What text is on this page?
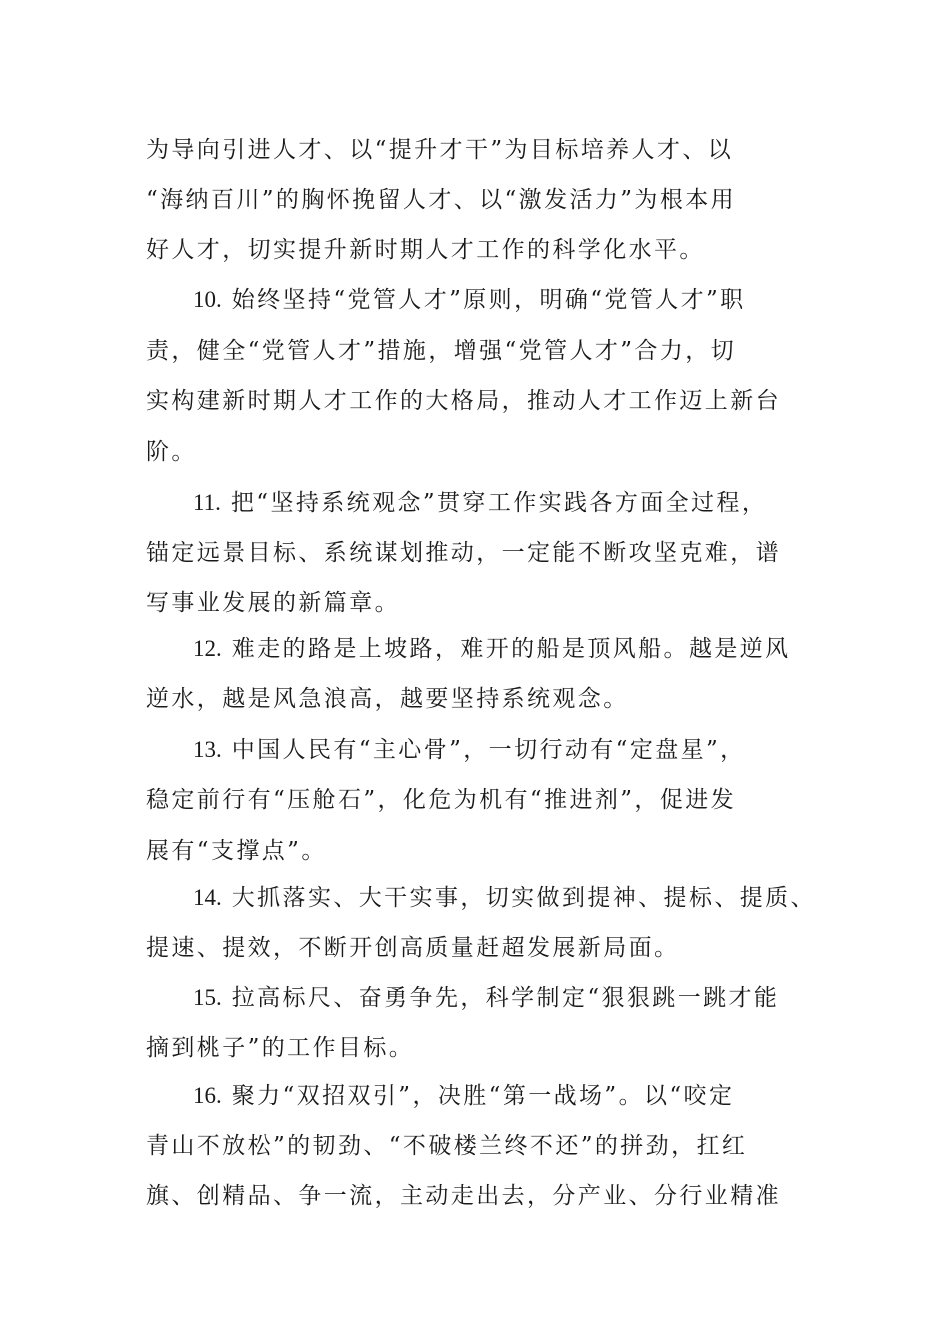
为导向引进人才、以“提升才干”为目标培养人才、以
“海纳百川”的胸怀挽留人才、以“激发活力”为根本用
好人才，切实提升新时期人才工作的科学化水平。
10. 始终坚持“党管人才”原则，明确“党管人才”职
责，健全“党管人才”措施，增强“党管人才”合力，切
实构建新时期人才工作的大格局，推动人才工作迈上新台
阶。
11. 把“坚持系统观念”贯穿工作实践各方面全过程，
锚定远景目标、系统谋划推动，一定能不断攻坚克难，谱
写事业发展的新篇章。
12. 难走的路是上坡路，难开的船是顶风船。越是逆风
逆水，越是风急浪高，越要坚持系统观念。
13. 中国人民有“主心骨”，一切行动有“定盘星”，
稳定前行有“压舱石”，化危为机有“推进剂”，促进发
展有“支撑点”。
14. 大抓落实、大干实事，切实做到提神、提标、提质、
提速、提效，不断开创高质量赶超发展新局面。
15. 拉高标尺、奋勇争先，科学制定“狠狠跳一跳才能
摘到桃子”的工作目标。
16. 聚力“双招双引”，决胜“第一战场”。以“咬定
青山不放松”的韧劲、“不破楼兰终不还”的拼劲，扛红
旗、创精品、争一流，主动走出去，分产业、分行业精准
